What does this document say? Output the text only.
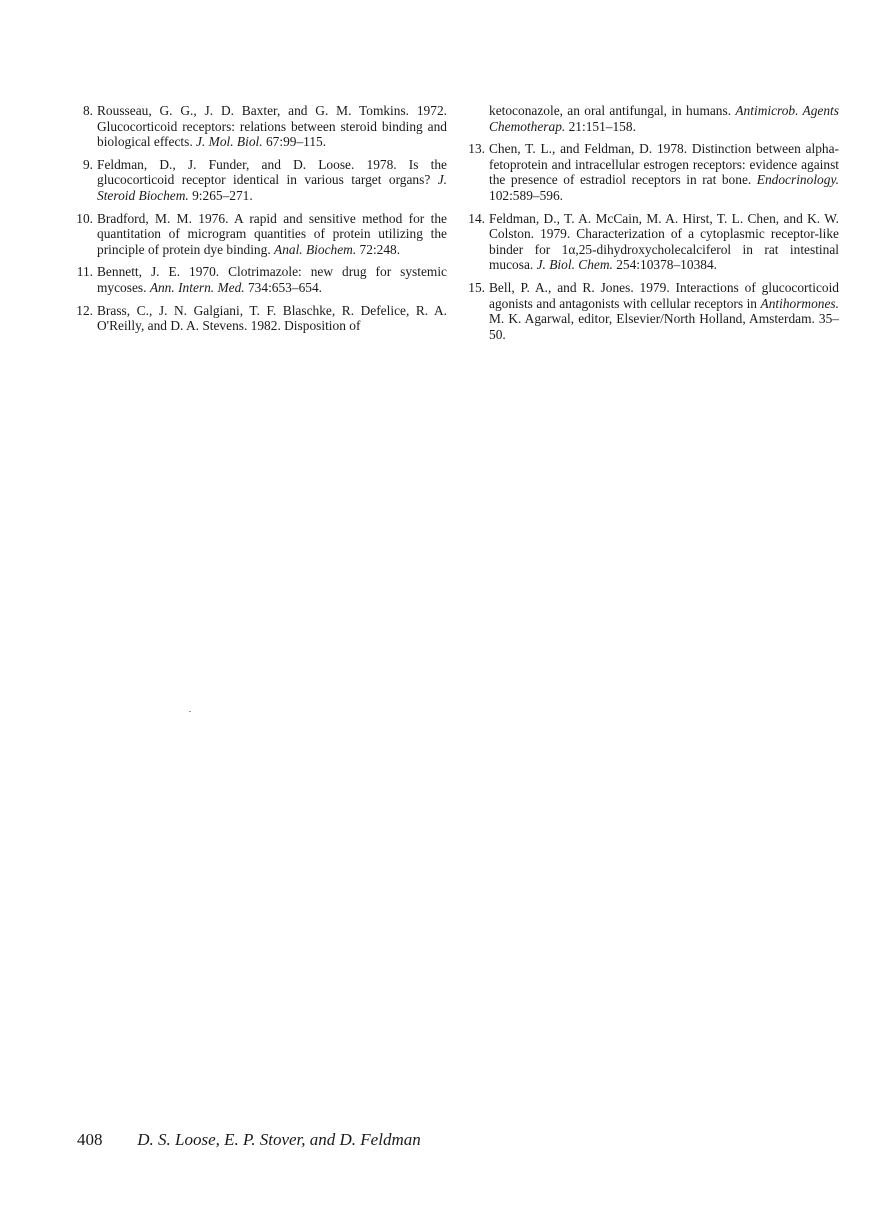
8. Rousseau, G. G., J. D. Baxter, and G. M. Tomkins. 1972. Glucocorticoid receptors: relations between steroid binding and biological effects. J. Mol. Biol. 67:99–115.
9. Feldman, D., J. Funder, and D. Loose. 1978. Is the glucocorticoid receptor identical in various target organs? J. Steroid Biochem. 9:265–271.
10. Bradford, M. M. 1976. A rapid and sensitive method for the quantitation of microgram quantities of protein utilizing the principle of protein dye binding. Anal. Biochem. 72:248.
11. Bennett, J. E. 1970. Clotrimazole: new drug for systemic mycoses. Ann. Intern. Med. 734:653–654.
12. Brass, C., J. N. Galgiani, T. F. Blaschke, R. Defelice, R. A. O'Reilly, and D. A. Stevens. 1982. Disposition of
ketoconazole, an oral antifungal, in humans. Antimicrob. Agents Chemotherap. 21:151–158.
13. Chen, T. L., and Feldman, D. 1978. Distinction between alpha-fetoprotein and intracellular estrogen receptors: evidence against the presence of estradiol receptors in rat bone. Endocrinology. 102:589–596.
14. Feldman, D., T. A. McCain, M. A. Hirst, T. L. Chen, and K. W. Colston. 1979. Characterization of a cytoplasmic receptor-like binder for 1α,25-dihydroxycholecalciferol in rat intestinal mucosa. J. Biol. Chem. 254:10378–10384.
15. Bell, P. A., and R. Jones. 1979. Interactions of glucocorticoid agonists and antagonists with cellular receptors in Antihormones. M. K. Agarwal, editor, Elsevier/North Holland, Amsterdam. 35–50.
408 D. S. Loose, E. P. Stover, and D. Feldman
